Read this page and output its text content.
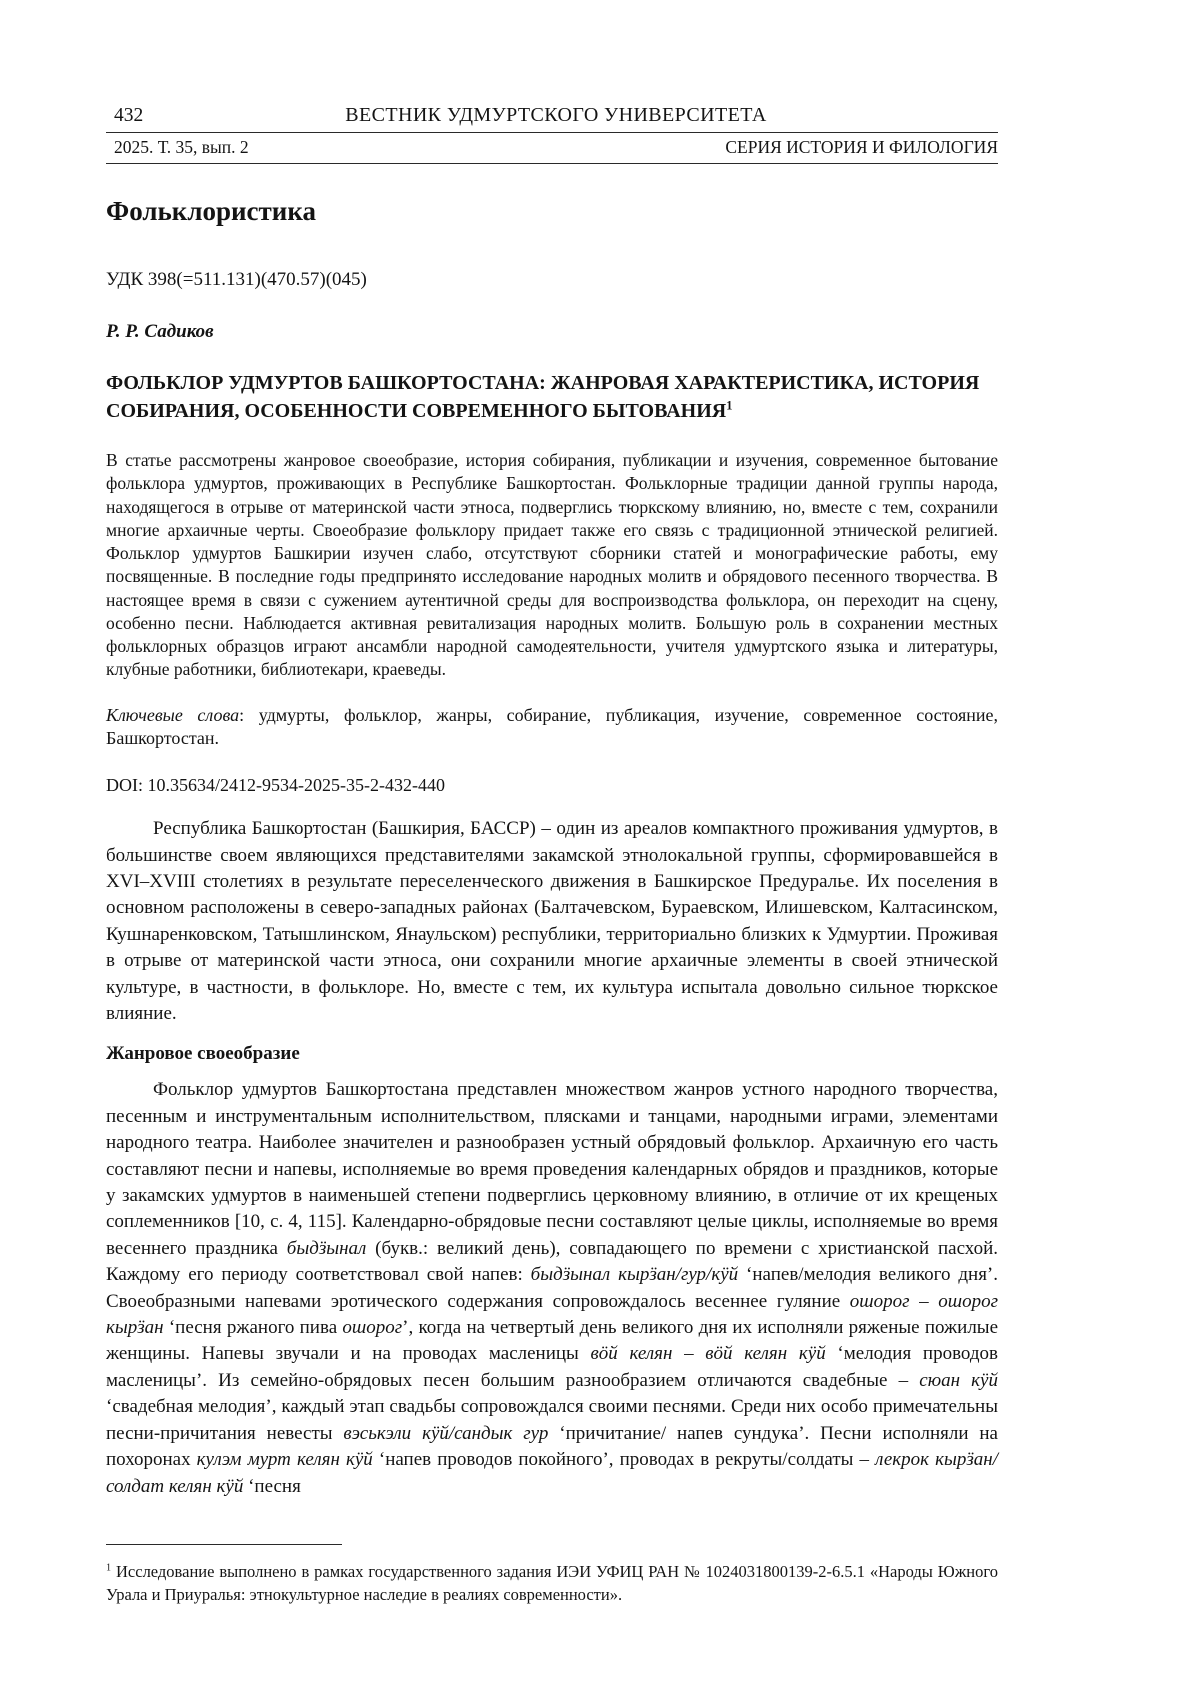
432	ВЕСТНИК УДМУРТСКОГО УНИВЕРСИТЕТА
2025. Т. 35, вып. 2	СЕРИЯ ИСТОРИЯ И ФИЛОЛОГИЯ
Фольклористика
УДК 398(=511.131)(470.57)(045)
Р. Р. Садиков
ФОЛЬКЛОР УДМУРТОВ БАШКОРТОСТАНА: ЖАНРОВАЯ ХАРАКТЕРИСТИКА, ИСТОРИЯ СОБИРАНИЯ, ОСОБЕННОСТИ СОВРЕМЕННОГО БЫТОВАНИЯ$^1$

В статье рассмотрены жанровое своеобразие, история собирания, публикации и изучения, современное бытование фольклора удмуртов, проживающих в Республике Башкортостан. Фольклорные традиции данной группы народа, находящегося в отрыве от материнской части этноса, подверглись тюркскому влиянию, но, вместе с тем, сохранили многие архаичные черты. Своеобразие фольклору придает также его связь с традиционной этнической религией. Фольклор удмуртов Башкирии изучен слабо, отсутствуют сборники статей и монографические работы, ему посвященные. В последние годы предпринято исследование народных молитв и обрядового песенного творчества. В настоящее время в связи с сужением аутентичной среды для воспроизводства фольклора, он переходит на сцену, особенно песни. Наблюдается активная ревитализация народных молитв. Большую роль в сохранении местных фольклорных образцов играют ансамбли народной самодеятельности, учителя удмуртского языка и литературы, клубные работники, библиотекари, краеведы.

Ключевые слова: удмурты, фольклор, жанры, собирание, публикация, изучение, современное состояние, Башкортостан.

DOI: 10.35634/2412-9534-2025-35-2-432-440

Республика Башкортостан (Башкирия, БАССР) – один из ареалов компактного проживания удмуртов, в большинстве своем являющихся представителями закамской этнолокальной группы, сформировавшейся в XVI–XVIII столетиях в результате переселенческого движения в Башкирское Предуралье. Их поселения в основном расположены в северо-западных районах (Балтачевском, Бураевском, Илишевском, Калтасинском, Кушнаренковском, Татышлинском, Янаульском) республики, территориально близких к Удмуртии. Проживая в отрыве от материнской части этноса, они сохранили многие архаичные элементы в своей этнической культуре, в частности, в фольклоре. Но, вместе с тем, их культура испытала довольно сильное тюркское влияние.

Жанровое своеобразие

Фольклор удмуртов Башкортостана представлен множеством жанров устного народного творчества, песенным и инструментальным исполнительством, плясками и танцами, народными играми, элементами народного театра. Наиболее значителен и разнообразен устный обрядовый фольклор. Архаичную его часть составляют песни и напевы, исполняемые во время проведения календарных обрядов и праздников, которые у закамских удмуртов в наименьшей степени подверглись церковному влиянию, в отличие от их крещеных соплеменников [10, с. 4, 115]. Календарно-обрядовые песни составляют целые циклы, исполняемые во время весеннего праздника быдӟынал (букв.: великий день), совпадающего по времени с христианской пасхой. Каждому его периоду соответствовал свой напев: быдӟынал кырӟан/гур/кӱй ‘напев/мелодия великого дня’. Своеобразными напевами эротического содержания сопровождалось весеннее гуляние ошорог – ошорог кырӟан ‘песня ржаного пива ошорог’, когда на четвертый день великого дня их исполняли ряженые пожилые женщины. Напевы звучали и на проводах масленицы вӧй келян – вӧй келян кӱй ‘мелодия проводов масленицы’. Из семейно-обрядовых песен большим разнообразием отличаются свадебные – сюан кӱй ‘свадебная мелодия’, каждый этап свадьбы сопровождался своими песнями. Среди них особо примечательны песни-причитания невесты вэськэли кӱй/сандык гур ‘причитание/ напев сундука’. Песни исполняли на похоронах кулэм мурт келян кӱй ‘напев проводов покойного’, проводах в рекруты/солдаты – лекрок кырӟан/солдат келян кӱй ‘песня

$^1$ Исследование выполнено в рамках государственного задания ИЭИ УФИЦ РАН № 1024031800139-2-6.5.1 «Народы Южного Урала и Приуралья: этнокультурное наследие в реалиях современности».
